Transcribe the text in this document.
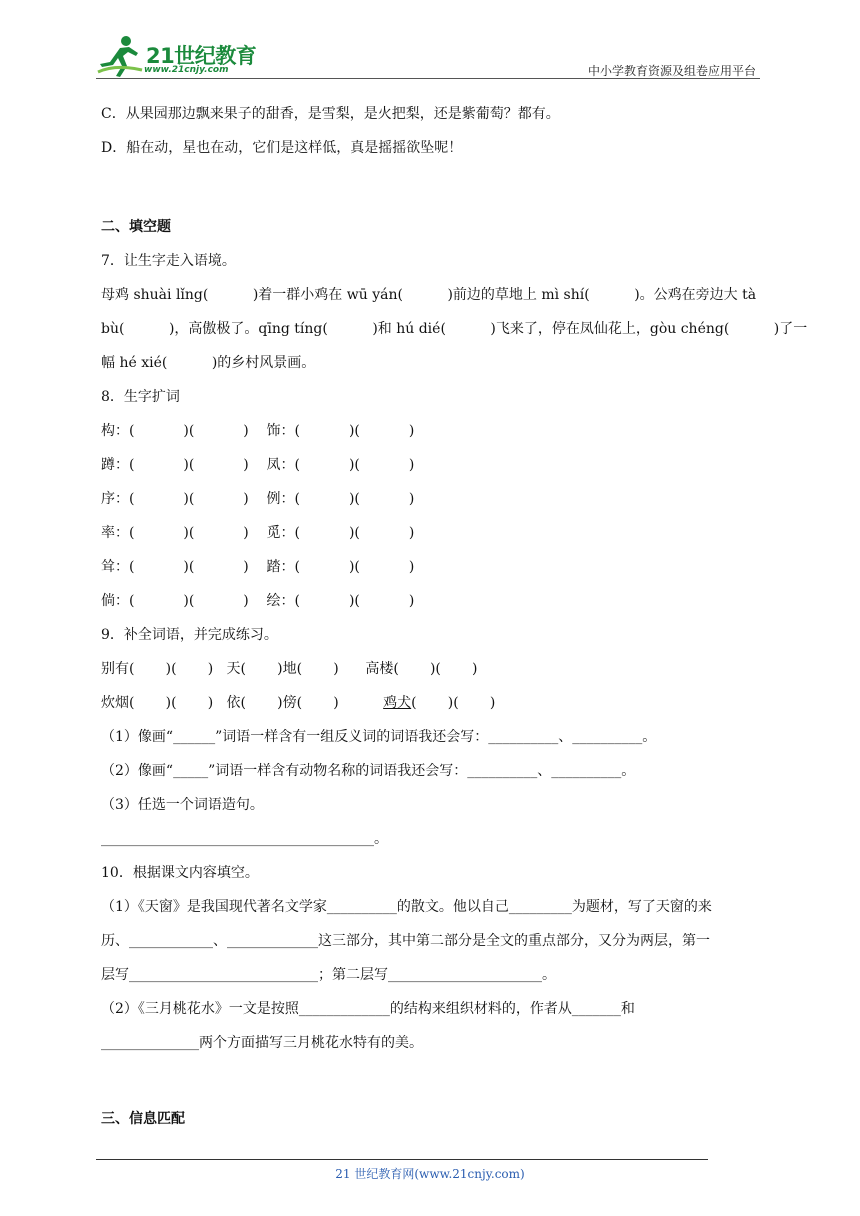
21世纪教育
www.21cnjy.com	中小学教育资源及组卷应用平台
C．从果园那边飘来果子的甜香，是雪梨，是火把梨，还是紫葡萄？都有。
D．船在动，星也在动，它们是这样低，真是摇摇欲坠呢！
二、填空题
7．让生字走入语境。
母鸡 shuài lǐng(          )着一群小鸡在 wū yán(          )前边的草地上 mì shí(          )。公鸡在旁边大 tà
bù(          )，高傲极了。qīng tíng(          )和 hú dié(          )飞来了，停在凤仙花上，gòu chéng(          )了一
幅 hé xié(          )的乡村风景画。
8．生字扩词
构：(           )(           )    饰：(           )(           )
蹲：(           )(           )    凤：(           )(           )
序：(           )(           )    例：(           )(           )
率：(           )(           )    觅：(           )(           )
耸：(           )(           )    踏：(           )(           )
倘：(           )(           )    绘：(           )(           )
9．补全词语，并完成练习。
别有(       )(       )   天(       )地(       )      高楼(       )(       )
炊烟(       )(       )   依(       )傍(       )          鸡犬(       )(       )
（1）像画“______”词语一样含有一组反义词的词语我还会写：__________、__________。
（2）像画“_____”词语一样含有动物名称的词语我还会写：__________、__________。
（3）任选一个词语造句。
_______________________________________。
10．根据课文内容填空。
（1）《天窗》是我国现代著名文学家__________的散文。他以自己_________为题材，写了天窗的来
历、____________、_____________这三部分，其中第二部分是全文的重点部分，又分为两层，第一
层写___________________________；第二层写______________________。
（2）《三月桃花水》一文是按照_____________的结构来组织材料的，作者从_______和
______________两个方面描写三月桃花水特有的美。
三、信息匹配
21 世纪教育网(www.21cnjy.com)
